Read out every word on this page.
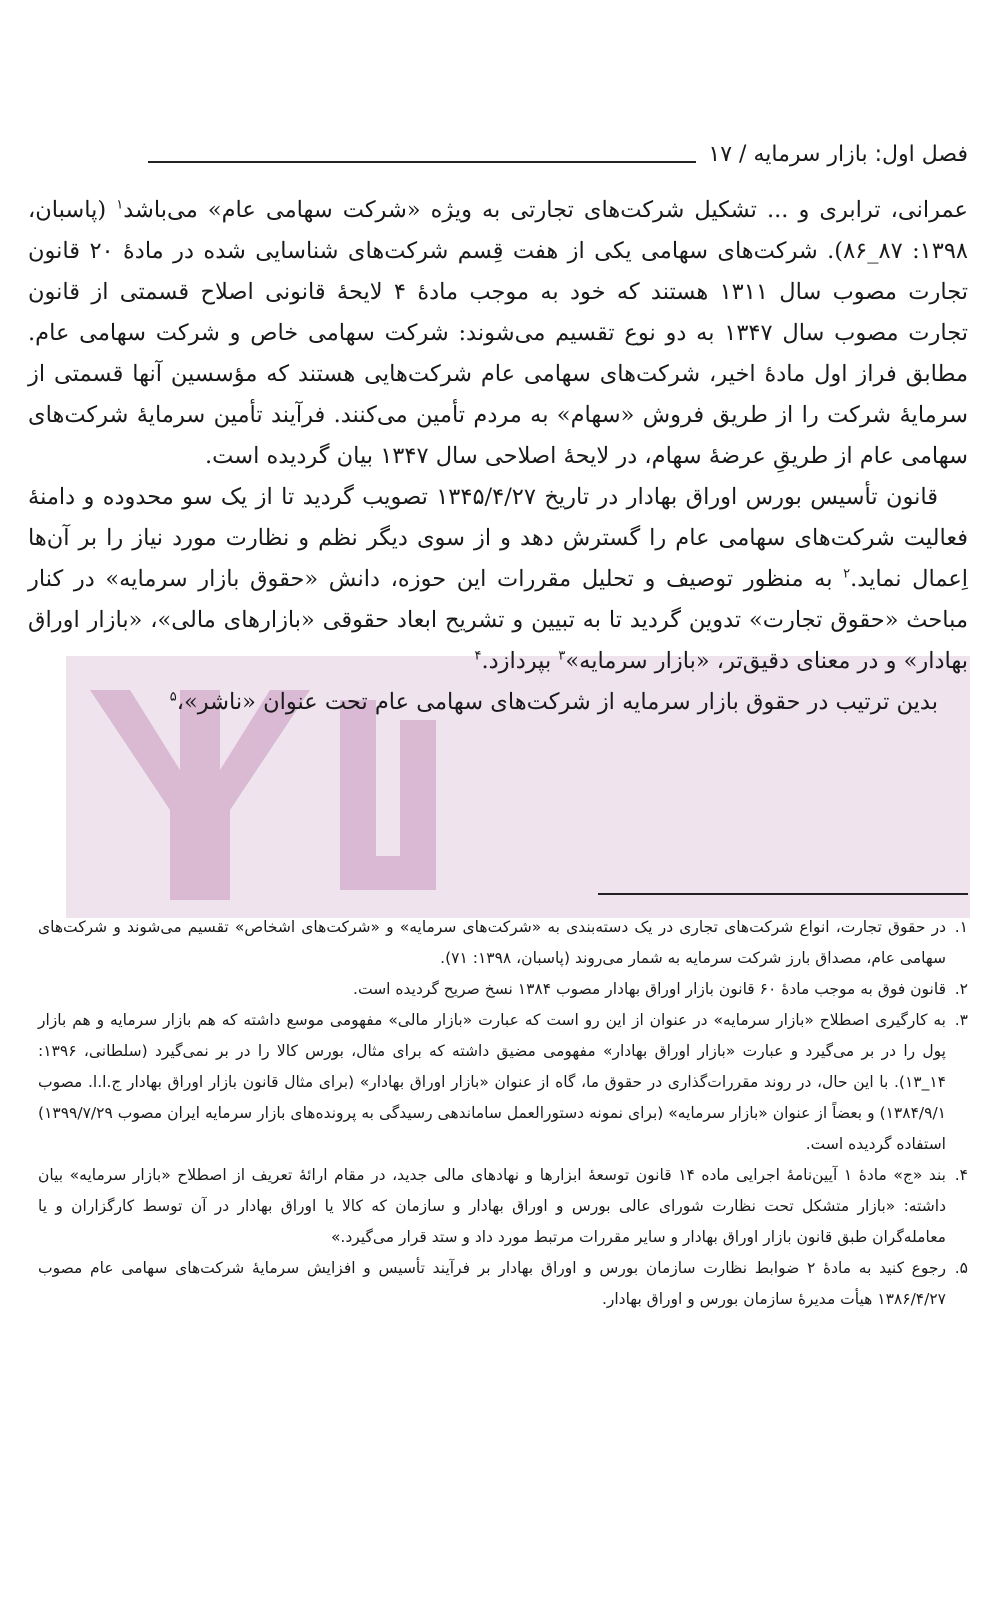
فصل اول: بازار سرمایه / ۱۷

عمرانی، ترابری و ... تشکیل شرکت‌های تجارتی به ویژه «شرکت سهامی عام» می‌باشد$^۱$ (پاسبان، ۱۳۹۸: ۸۷_۸۶). شرکت‌های سهامی یکی از هفت قِسم شرکت‌های شناسایی شده در مادهٔ ۲۰ قانون تجارت مصوب سال ۱۳۱۱ هستند که خود به موجب مادهٔ ۴ لایحهٔ قانونی اصلاح قسمتی از قانون تجارت مصوب سال ۱۳۴۷ به دو نوع تقسیم می‌شوند: شرکت سهامی خاص و شرکت سهامی عام. مطابق فراز اول مادهٔ اخیر، شرکت‌های سهامی عام شرکت‌هایی هستند که مؤسسین آنها قسمتی از سرمایهٔ شرکت را از طریق فروش «سهام» به مردم تأمین می‌کنند. فرآیند تأمین سرمایهٔ شرکت‌های سهامی عام از طریقِ عرضهٔ سهام، در لایحهٔ اصلاحی سال ۱۳۴۷ بیان گردیده است.

قانون تأسیس بورس اوراق بهادار در تاریخ ۱۳۴۵/۴/۲۷ تصویب گردید تا از یک سو محدوده و دامنهٔ فعالیت شرکت‌های سهامی عام را گسترش دهد و از سوی دیگر نظم و نظارت مورد نیاز را بر آن‌ها اِعمال نماید.$^۲$ به منظور توصیف و تحلیل مقررات این حوزه، دانش «حقوق بازار سرمایه» در کنار مباحث «حقوق تجارت» تدوین گردید تا به تبیین و تشریح ابعاد حقوقی «بازارهای مالی»، «بازار اوراق بهادار» و در معنای دقیق‌تر، «بازار سرمایه»$^۳$ بپردازد.$^۴$

بدین ترتیب در حقوق بازار سرمایه از شرکت‌های سهامی عام تحت عنوان «ناشر»،$^۵$

۱.
در حقوق تجارت، انواع شرکت‌های تجاری در یک دسته‌بندی به «شرکت‌های سرمایه» و «شرکت‌های اشخاص» تقسیم می‌شوند و شرکت‌های سهامی عام، مصداق بارز شرکت سرمایه به شمار می‌روند (پاسبان، ۱۳۹۸: ۷۱).
۲.
قانون فوق به موجب مادهٔ ۶۰ قانون بازار اوراق بهادار مصوب ۱۳۸۴ نسخ صریح گردیده است.
۳.
به کارگیری اصطلاح «بازار سرمایه» در عنوان از این رو است که عبارت «بازار مالی» مفهومی موسع داشته که هم بازار سرمایه و هم بازار پول را در بر می‌گیرد و عبارت «بازار اوراق بهادار» مفهومی مضیق داشته که برای مثال، بورس کالا را در بر نمی‌گیرد (سلطانی، ۱۳۹۶: ۱۴_۱۳). با این حال، در روند مقررات‌گذاری در حقوق ما، گاه از عنوان «بازار اوراق بهادار» (برای مثال قانون بازار اوراق بهادار ج.ا.ا. مصوب ۱۳۸۴/۹/۱) و بعضاً از عنوان «بازار سرمایه» (برای نمونه دستورالعمل ساماندهی رسیدگی به پرونده‌های بازار سرمایه ایران مصوب ۱۳۹۹/۷/۲۹) استفاده گردیده است.
۴.
بند «ج» مادهٔ ۱ آیین‌نامهٔ اجرایی ماده ۱۴ قانون توسعهٔ ابزارها و نهادهای مالی جدید، در مقام ارائهٔ تعریف از اصطلاح «بازار سرمایه» بیان داشته: «بازار متشکل تحت نظارت شورای عالی بورس و اوراق بهادار و سازمان که کالا یا اوراق بهادار در آن توسط کارگزاران و یا معامله‌گران طبق قانون بازار اوراق بهادار و سایر مقررات مرتبط مورد داد و ستد قرار می‌گیرد.»
۵.
رجوع کنید به مادهٔ ۲ ضوابط نظارت سازمان بورس و اوراق بهادار بر فرآیند تأسیس و افزایش سرمایهٔ شرکت‌های سهامی عام مصوب ۱۳۸۶/۴/۲۷ هیأت مدیرهٔ سازمان بورس و اوراق بهادار.
